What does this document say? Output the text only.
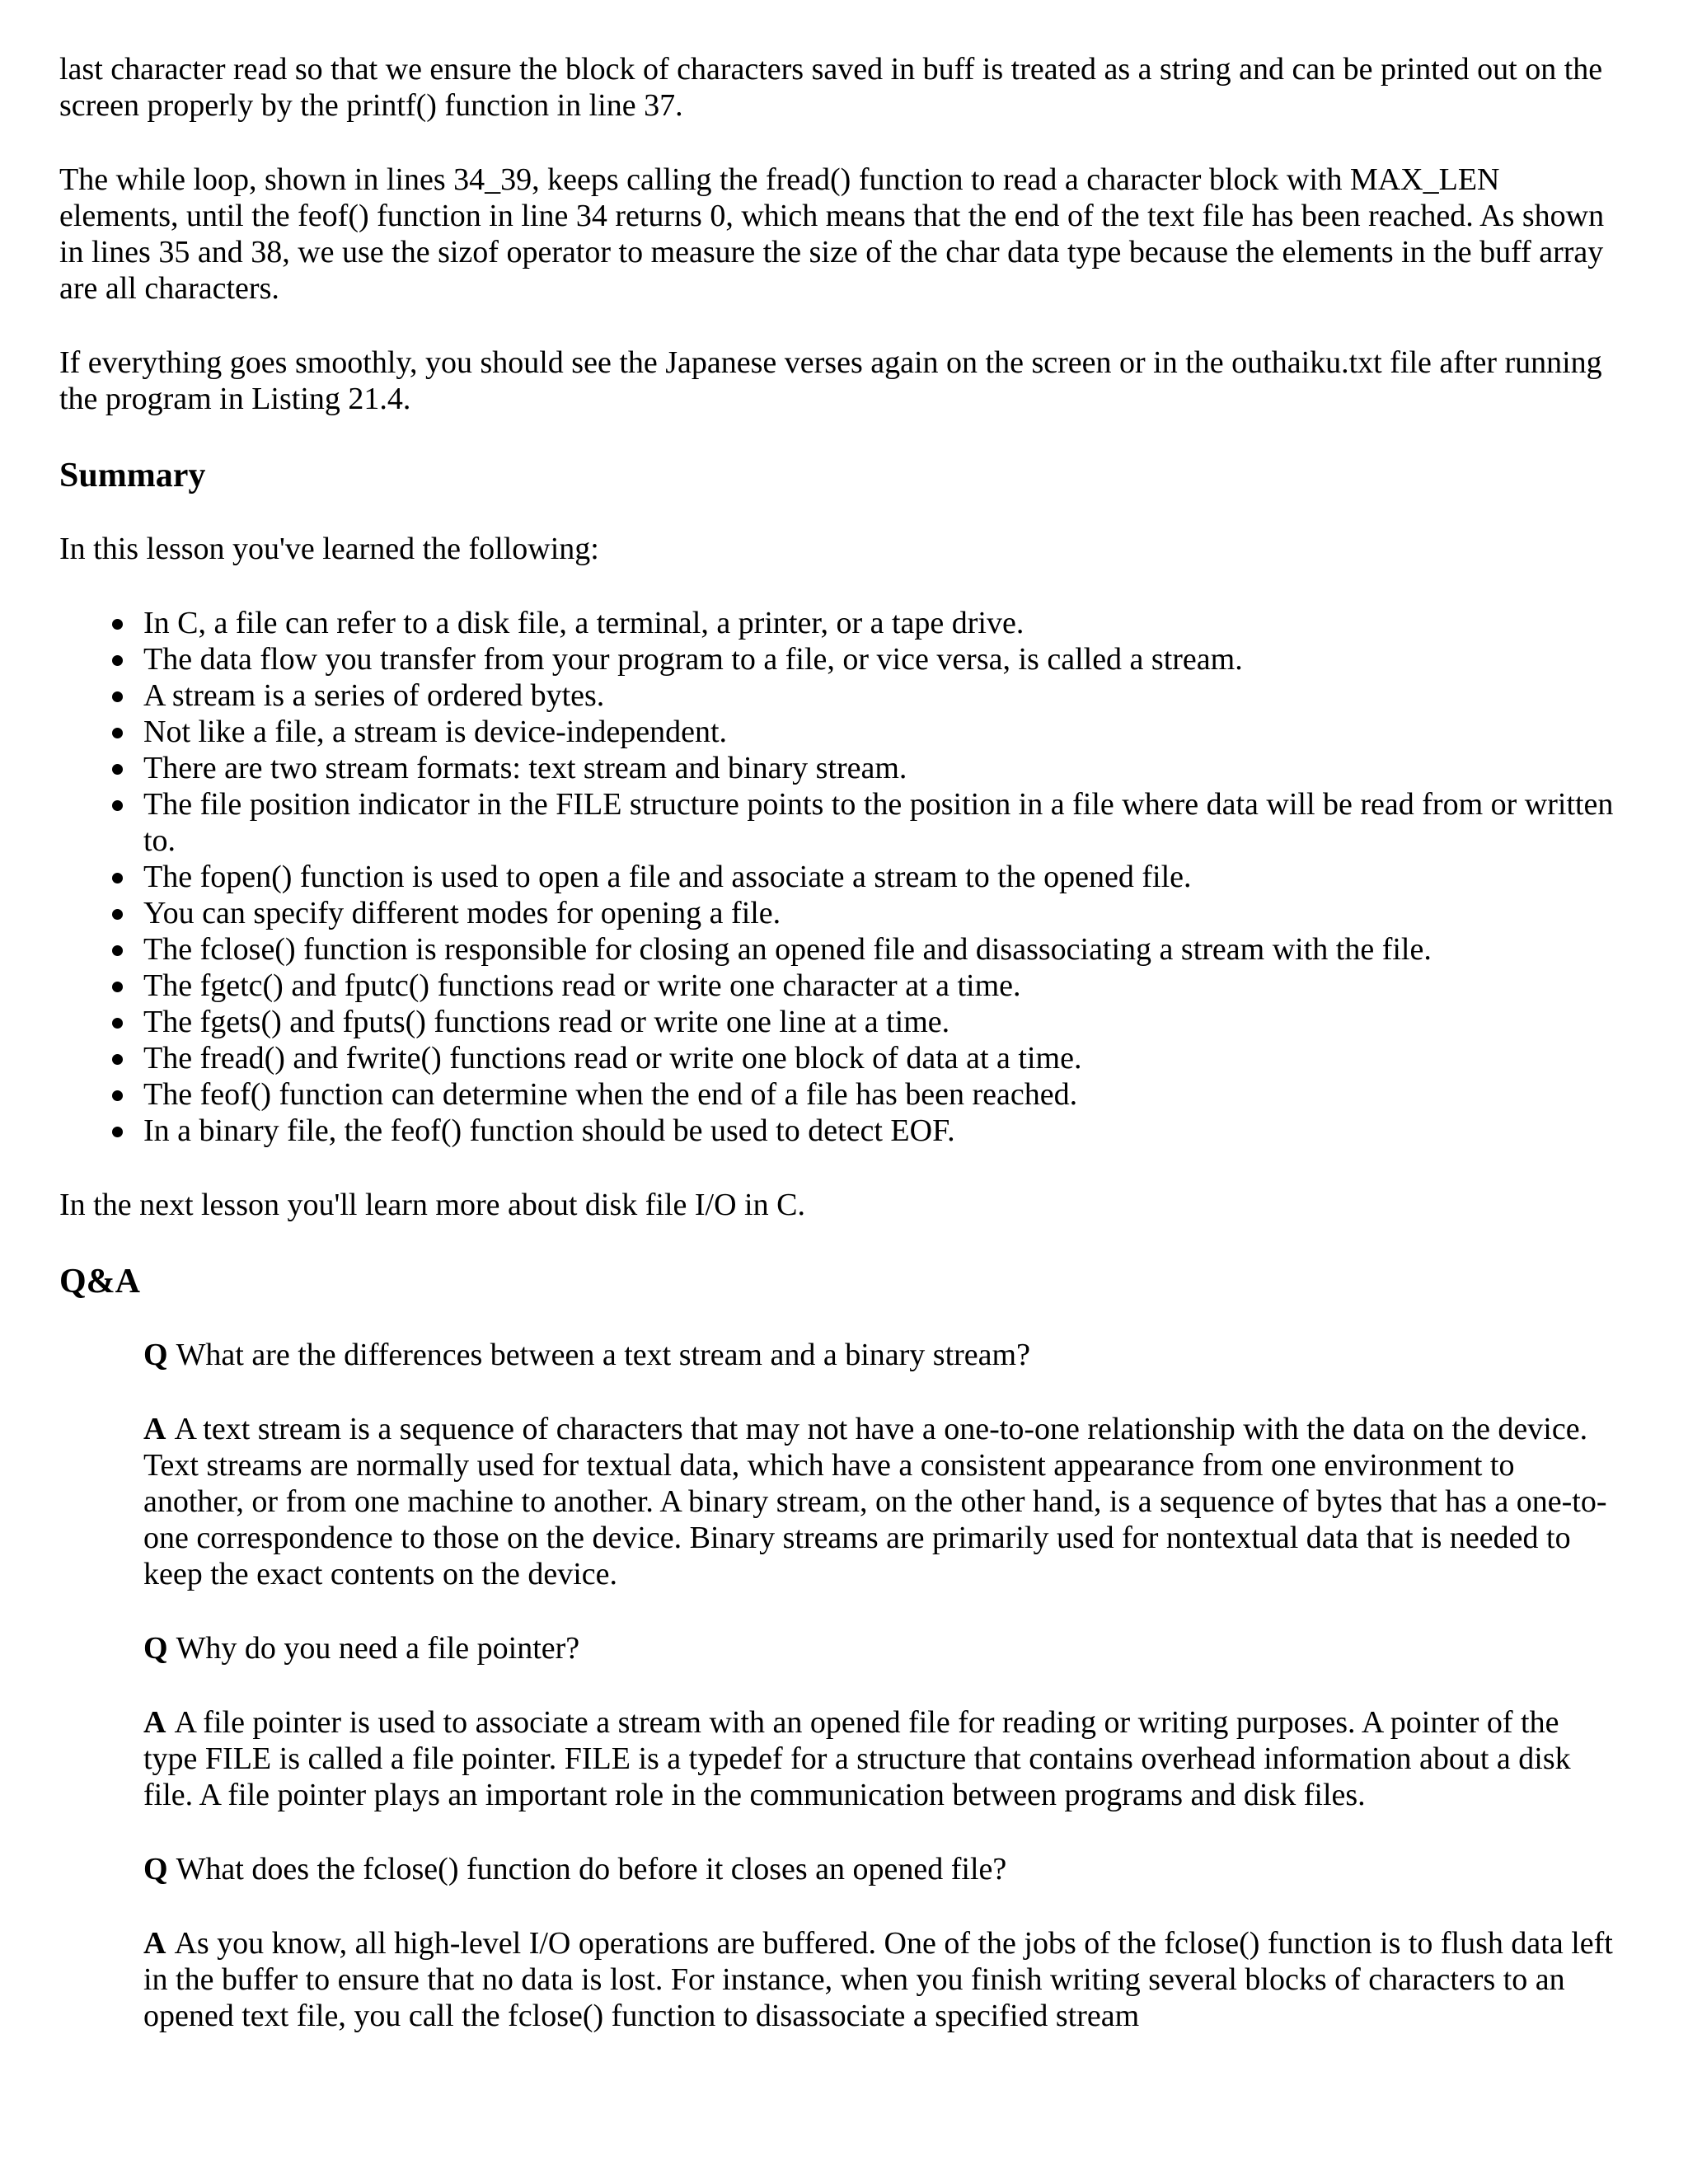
last character read so that we ensure the block of characters saved in buff is treated as a string and can be printed out on the screen properly by the printf() function in line 37.

The while loop, shown in lines 34_39, keeps calling the fread() function to read a character block with MAX_LEN elements, until the feof() function in line 34 returns 0, which means that the end of the text file has been reached. As shown in lines 35 and 38, we use the sizof operator to measure the size of the char data type because the elements in the buff array are all characters.

If everything goes smoothly, you should see the Japanese verses again on the screen or in the outhaiku.txt file after running the program in Listing 21.4.

Summary

In this lesson you've learned the following:

In C, a file can refer to a disk file, a terminal, a printer, or a tape drive.
The data flow you transfer from your program to a file, or vice versa, is called a stream.
A stream is a series of ordered bytes.
Not like a file, a stream is device-independent.
There are two stream formats: text stream and binary stream.
The file position indicator in the FILE structure points to the position in a file where data will be read from or written to.
The fopen() function is used to open a file and associate a stream to the opened file.
You can specify different modes for opening a file.
The fclose() function is responsible for closing an opened file and disassociating a stream with the file.
The fgetc() and fputc() functions read or write one character at a time.
The fgets() and fputs() functions read or write one line at a time.
The fread() and fwrite() functions read or write one block of data at a time.
The feof() function can determine when the end of a file has been reached.
In a binary file, the feof() function should be used to detect EOF.

In the next lesson you'll learn more about disk file I/O in C.

Q&A

Q What are the differences between a text stream and a binary stream?

A A text stream is a sequence of characters that may not have a one-to-one relationship with the data on the device. Text streams are normally used for textual data, which have a consistent appearance from one environment to another, or from one machine to another. A binary stream, on the other hand, is a sequence of bytes that has a one-to-one correspondence to those on the device. Binary streams are primarily used for nontextual data that is needed to keep the exact contents on the device.

Q Why do you need a file pointer?

A A file pointer is used to associate a stream with an opened file for reading or writing purposes. A pointer of the type FILE is called a file pointer. FILE is a typedef for a structure that contains overhead information about a disk file. A file pointer plays an important role in the communication between programs and disk files.

Q What does the fclose() function do before it closes an opened file?

A As you know, all high-level I/O operations are buffered. One of the jobs of the fclose() function is to flush data left in the buffer to ensure that no data is lost. For instance, when you finish writing several blocks of characters to an opened text file, you call the fclose() function to disassociate a specified stream
